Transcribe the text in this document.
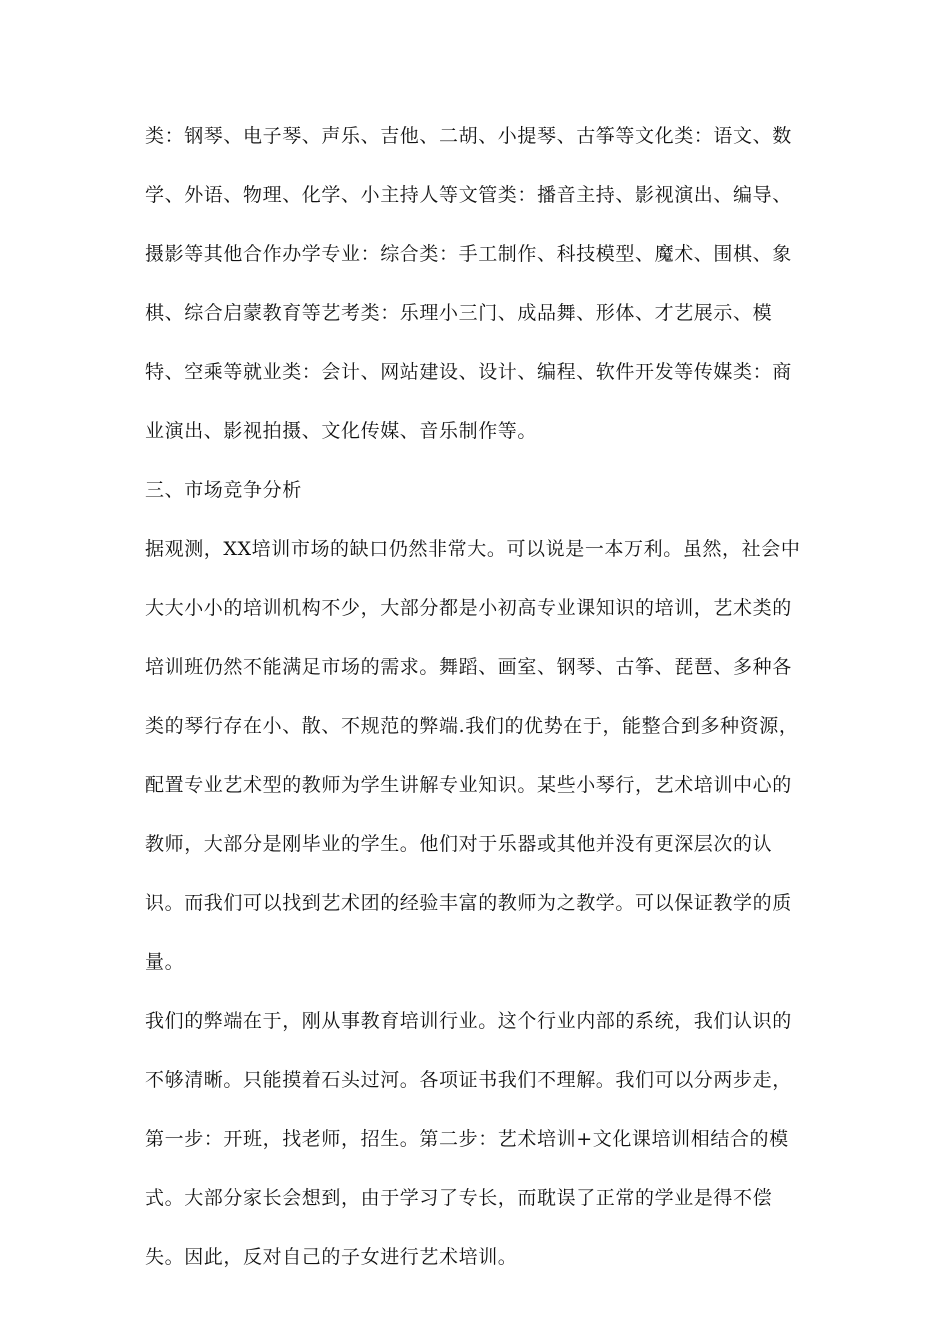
类：钢琴、电子琴、声乐、吉他、二胡、小提琴、古筝等文化类：语文、数学、外语、物理、化学、小主持人等文管类：播音主持、影视演出、编导、摄影等其他合作办学专业：综合类：手工制作、科技模型、魔术、围棋、象棋、综合启蒙教育等艺考类：乐理小三门、成品舞、形体、才艺展示、模特、空乘等就业类：会计、网站建设、设计、编程、软件开发等传媒类：商业演出、影视拍摄、文化传媒、音乐制作等。

三、市场竞争分析

据观测，XX培训市场的缺口仍然非常大。可以说是一本万利。虽然，社会中大大小小的培训机构不少，大部分都是小初高专业课知识的培训，艺术类的培训班仍然不能满足市场的需求。舞蹈、画室、钢琴、古筝、琵琶、多种各类的琴行存在小、散、不规范的弊端.我们的优势在于，能整合到多种资源，配置专业艺术型的教师为学生讲解专业知识。某些小琴行，艺术培训中心的教师，大部分是刚毕业的学生。他们对于乐器或其他并没有更深层次的认识。而我们可以找到艺术团的经验丰富的教师为之教学。可以保证教学的质量。

我们的弊端在于，刚从事教育培训行业。这个行业内部的系统，我们认识的不够清晰。只能摸着石头过河。各项证书我们不理解。我们可以分两步走，第一步：开班，找老师，招生。第二步：艺术培训+文化课培训相结合的模式。大部分家长会想到，由于学习了专长，而耽误了正常的学业是得不偿失。因此，反对自己的子女进行艺术培训。
